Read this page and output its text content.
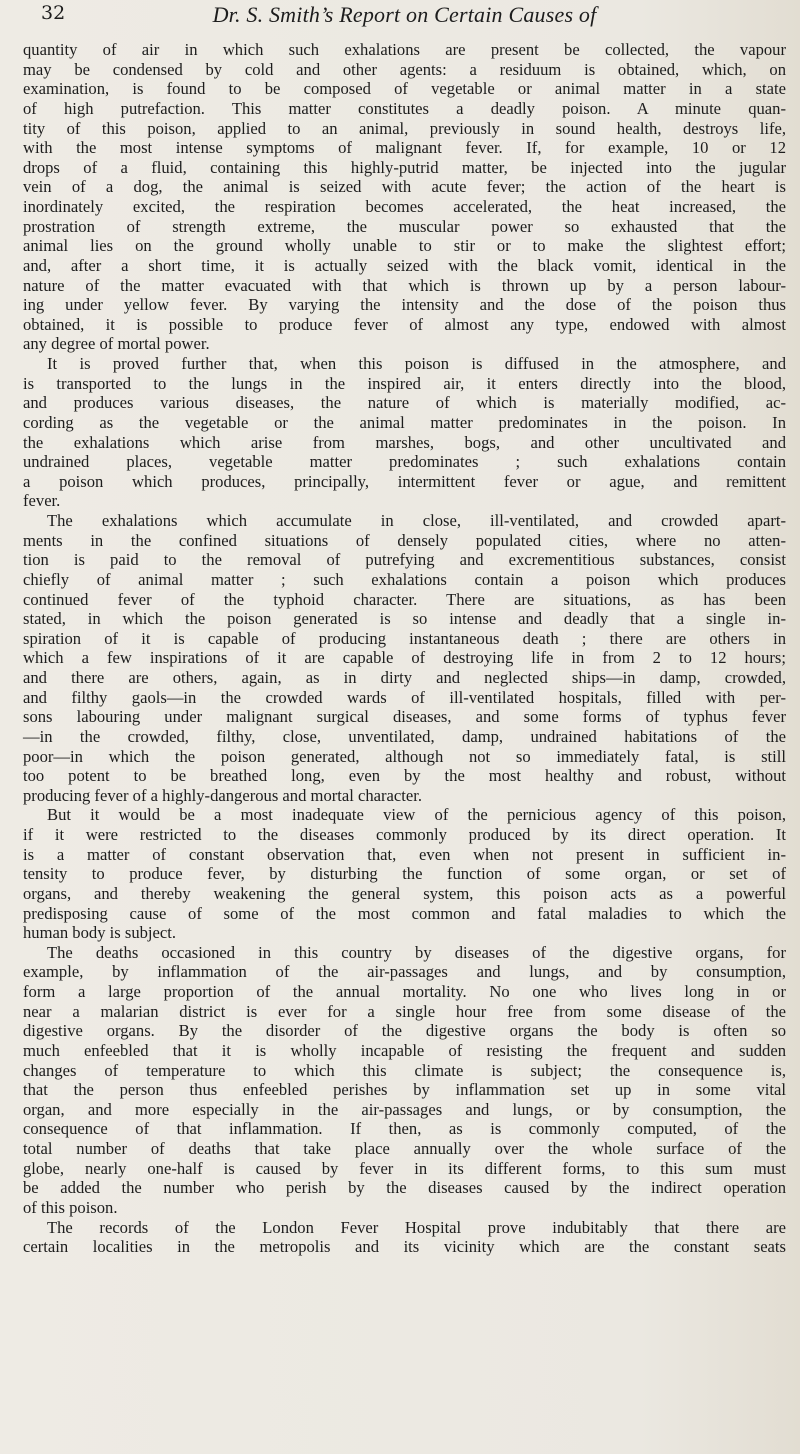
32	Dr. S. Smith’s Report on Certain Causes of

quantity of air in which such exhalations are present be collected, the vapour

may be condensed by cold and other agents: a residuum is obtained, which, on

examination, is found to be composed of vegetable or animal matter in a state

of high putrefaction. This matter constitutes a deadly poison. A minute quan-

tity of this poison, applied to an animal, previously in sound health, destroys life,

with the most intense symptoms of malignant fever. If, for example, 10 or 12

drops of a fluid, containing this highly-putrid matter, be injected into the jugular

vein of a dog, the animal is seized with acute fever; the action of the heart is

inordinately excited, the respiration becomes accelerated, the heat increased, the

prostration of strength extreme, the muscular power so exhausted that the

animal lies on the ground wholly unable to stir or to make the slightest effort;

and, after a short time, it is actually seized with the black vomit, identical in the

nature of the matter evacuated with that which is thrown up by a person labour-

ing under yellow fever. By varying the intensity and the dose of the poison thus

obtained, it is possible to produce fever of almost any type, endowed with almost

any degree of mortal power.

It is proved further that, when this poison is diffused in the atmosphere, and

is transported to the lungs in the inspired air, it enters directly into the blood,

and produces various diseases, the nature of which is materially modified, ac-

cording as the vegetable or the animal matter predominates in the poison. In

the exhalations which arise from marshes, bogs, and other uncultivated and

undrained places, vegetable matter predominates ; such exhalations contain

a poison which produces, principally, intermittent fever or ague, and remittent

fever.

The exhalations which accumulate in close, ill-ventilated, and crowded apart-

ments in the confined situations of densely populated cities, where no atten-

tion is paid to the removal of putrefying and excrementitious substances, consist

chiefly of animal matter ; such exhalations contain a poison which produces

continued fever of the typhoid character. There are situations, as has been

stated, in which the poison generated is so intense and deadly that a single in-

spiration of it is capable of producing instantaneous death ; there are others in

which a few inspirations of it are capable of destroying life in from 2 to 12 hours;

and there are others, again, as in dirty and neglected ships—in damp, crowded,

and filthy gaols—in the crowded wards of ill-ventilated hospitals, filled with per-

sons labouring under malignant surgical diseases, and some forms of typhus fever

—in the crowded, filthy, close, unventilated, damp, undrained habitations of the

poor—in which the poison generated, although not so immediately fatal, is still

too potent to be breathed long, even by the most healthy and robust, without

producing fever of a highly-dangerous and mortal character.

But it would be a most inadequate view of the pernicious agency of this poison,

if it were restricted to the diseases commonly produced by its direct operation. It

is a matter of constant observation that, even when not present in sufficient in-

tensity to produce fever, by disturbing the function of some organ, or set of

organs, and thereby weakening the general system, this poison acts as a powerful

predisposing cause of some of the most common and fatal maladies to which the

human body is subject.

The deaths occasioned in this country by diseases of the digestive organs, for

example, by inflammation of the air-passages and lungs, and by consumption,

form a large proportion of the annual mortality. No one who lives long in or

near a malarian district is ever for a single hour free from some disease of the

digestive organs. By the disorder of the digestive organs the body is often so

much enfeebled that it is wholly incapable of resisting the frequent and sudden

changes of temperature to which this climate is subject; the consequence is,

that the person thus enfeebled perishes by inflammation set up in some vital

organ, and more especially in the air-passages and lungs, or by consumption, the

consequence of that inflammation. If then, as is commonly computed, of the

total number of deaths that take place annually over the whole surface of the

globe, nearly one-half is caused by fever in its different forms, to this sum must

be added the number who perish by the diseases caused by the indirect operation

of this poison.

The records of the London Fever Hospital prove indubitably that there are

certain localities in the metropolis and its vicinity which are the constant seats
